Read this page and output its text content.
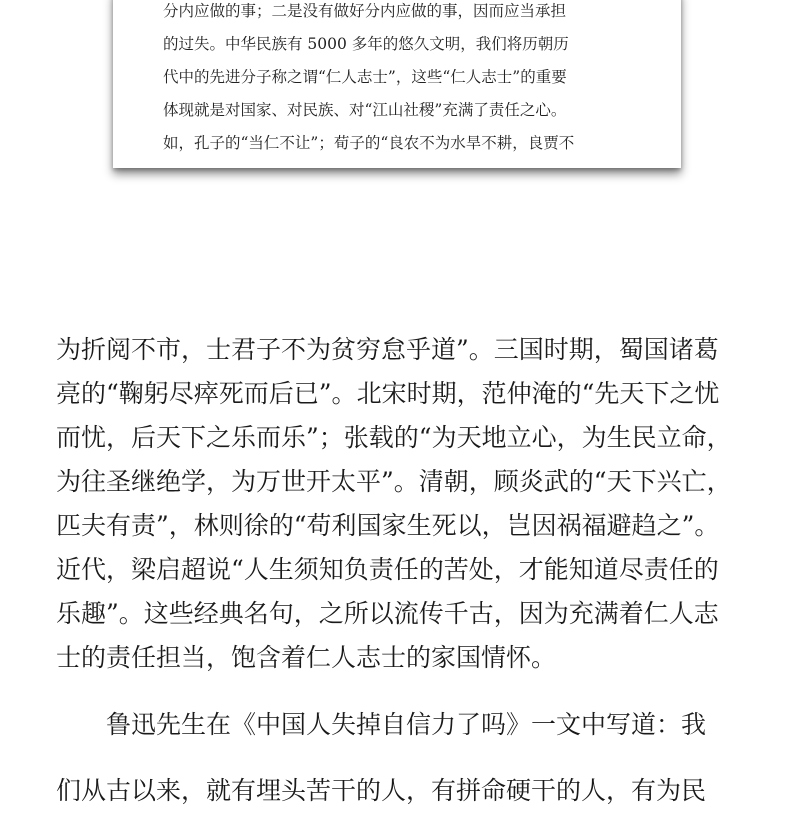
分内应做的事；二是没有做好分内应做的事，因而应当承担
的过失。中华民族有 5000 多年的悠久文明，我们将历朝历
代中的先进分子称之谓“仁人志士”，这些“仁人志士”的重要
体现就是对国家、对民族、对“江山社稷”充满了责任之心。
如，孔子的“当仁不让”；荀子的“良农不为水旱不耕，良贾不
为折阅不市，士君子不为贫穷怠乎道”。三国时期，蜀国诸葛
亮的“鞠躬尽瘁死而后已”。北宋时期，范仲淹的“先天下之忧
而忧，后天下之乐而乐”；张载的“为天地立心，为生民立命，
为往圣继绝学，为万世开太平”。清朝，顾炎武的“天下兴亡，
匹夫有责”，林则徐的“苟利国家生死以，岂因祸福避趋之”。
近代，梁启超说“人生须知负责任的苦处，才能知道尽责任的
乐趣”。这些经典名句，之所以流传千古，因为充满着仁人志
士的责任担当，饱含着仁人志士的家国情怀。
鲁迅先生在《中国人失掉自信力了吗》一文中写道：我
们从古以来，就有埋头苦干的人，有拼命硬干的人，有为民
